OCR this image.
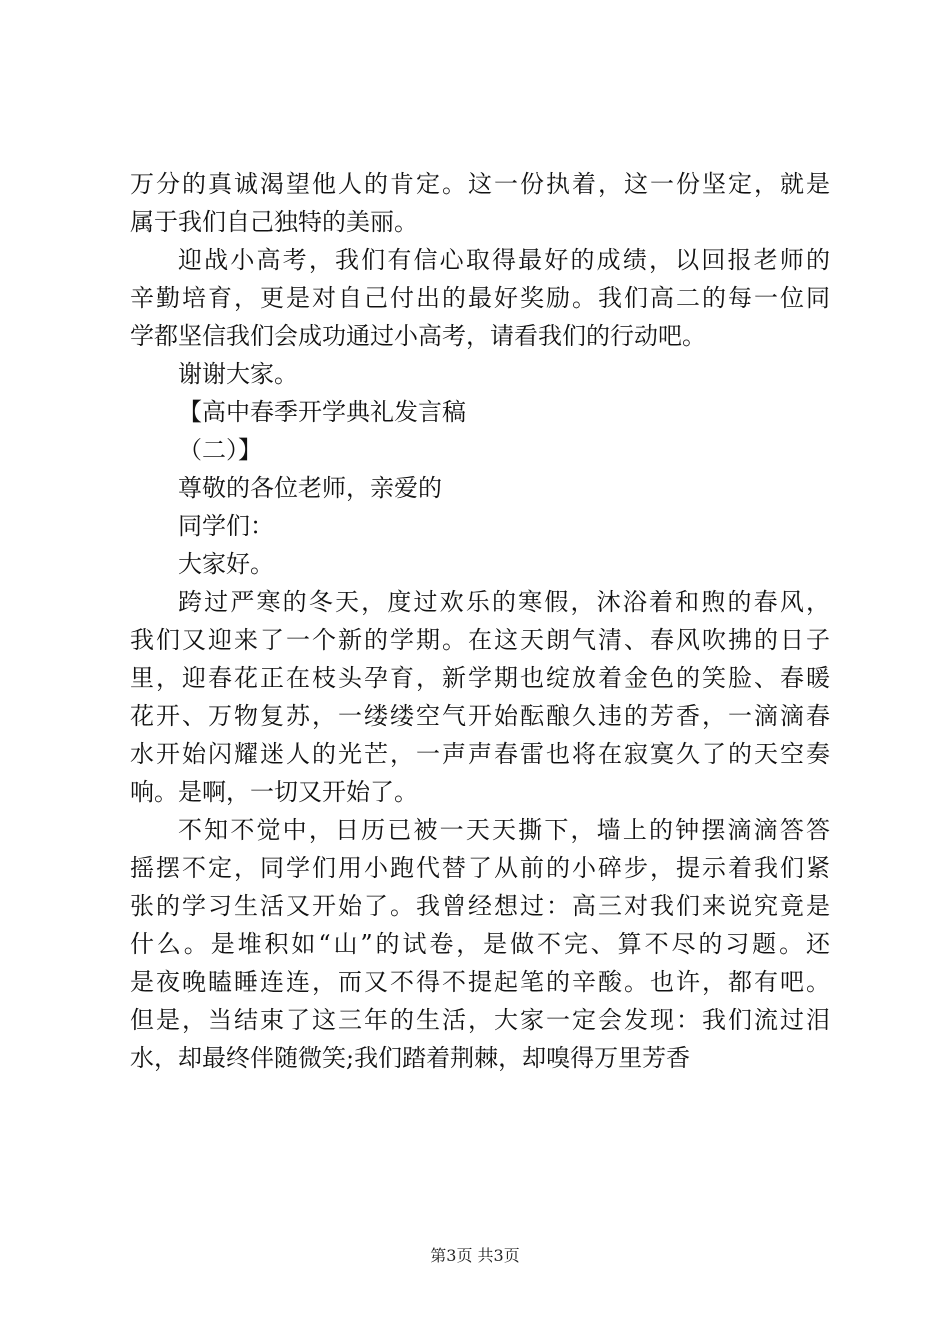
万分的真诚渴望他人的肯定。这一份执着，这一份坚定，就是
属于我们自己独特的美丽。
迎战小高考，我们有信心取得最好的成绩，以回报老师的
辛勤培育，更是对自己付出的最好奖励。我们高二的每一位同
学都坚信我们会成功通过小高考，请看我们的行动吧。
谢谢大家。
【高中春季开学典礼发言稿
（二）】
尊敬的各位老师，亲爱的
同学们：
大家好。
跨过严寒的冬天，度过欢乐的寒假，沐浴着和煦的春风，
我们又迎来了一个新的学期。在这天朗气清、春风吹拂的日子
里，迎春花正在枝头孕育，新学期也绽放着金色的笑脸、春暖
花开、万物复苏，一缕缕空气开始酝酿久违的芳香，一滴滴春
水开始闪耀迷人的光芒，一声声春雷也将在寂寞久了的天空奏
响。是啊，一切又开始了。
不知不觉中，日历已被一天天撕下，墙上的钟摆滴滴答答
摇摆不定，同学们用小跑代替了从前的小碎步，提示着我们紧
张的学习生活又开始了。我曾经想过：高三对我们来说究竟是
什么。是堆积如“山”的试卷，是做不完、算不尽的习题。还
是夜晚瞌睡连连，而又不得不提起笔的辛酸。也许，都有吧。
但是，当结束了这三年的生活，大家一定会发现：我们流过泪
水，却最终伴随微笑;我们踏着荆棘，却嗅得万里芳香
第3页 共3页
